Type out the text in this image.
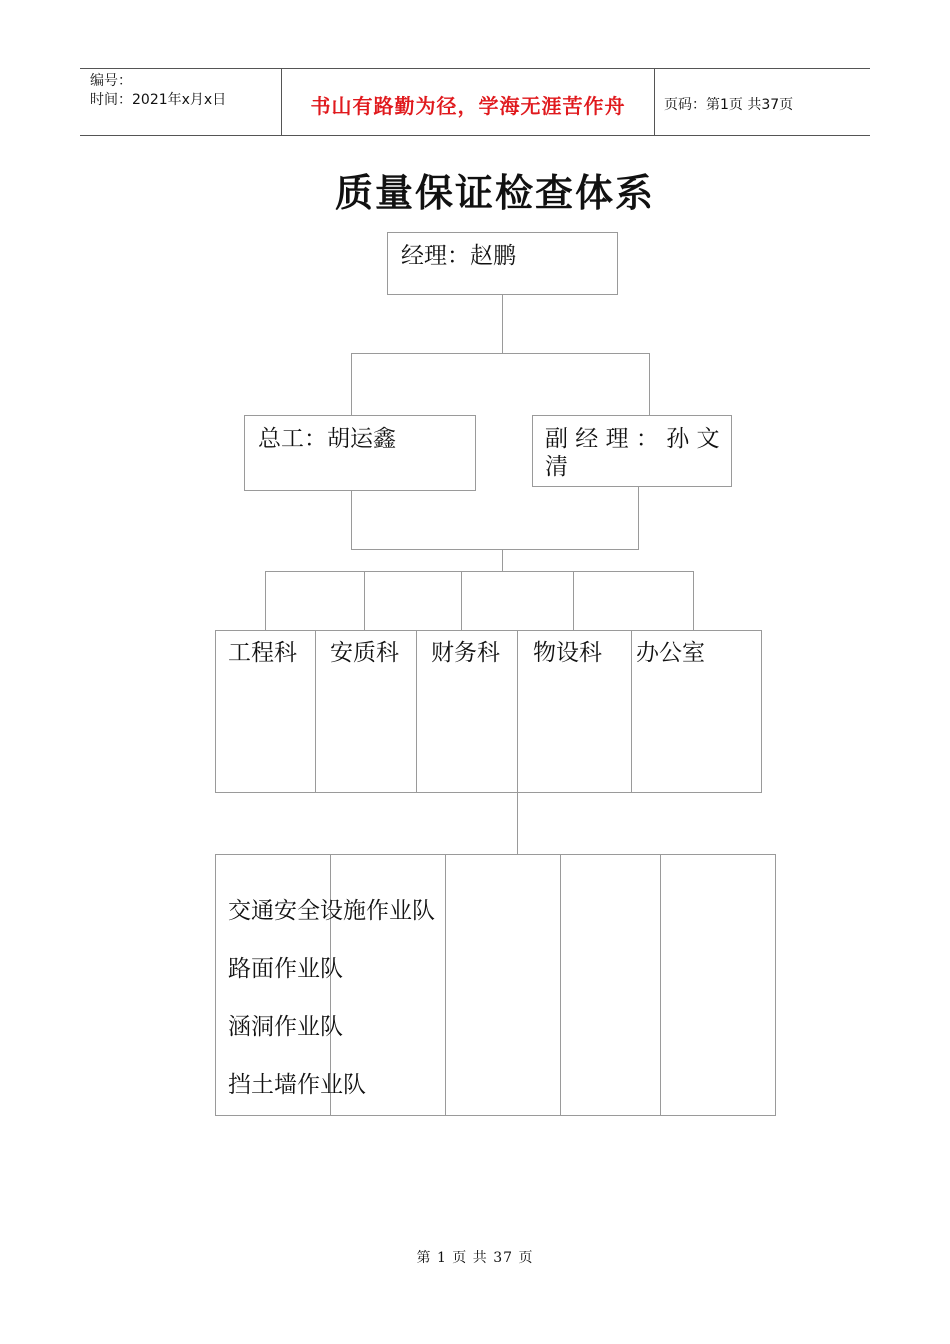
编号：
时间：2021年x月x日	书山有路勤为径，学海无涯苦作舟	页码：第1页 共37页
质量保证检查体系
经理：赵鹏
总工：胡运鑫	副 经 理 ： 孙 文
清
工程科 安质科 财务科 物设科 办公室
交通安全设施作业队
路面作业队
涵洞作业队
挡土墙作业队
第 1 页 共 37 页
